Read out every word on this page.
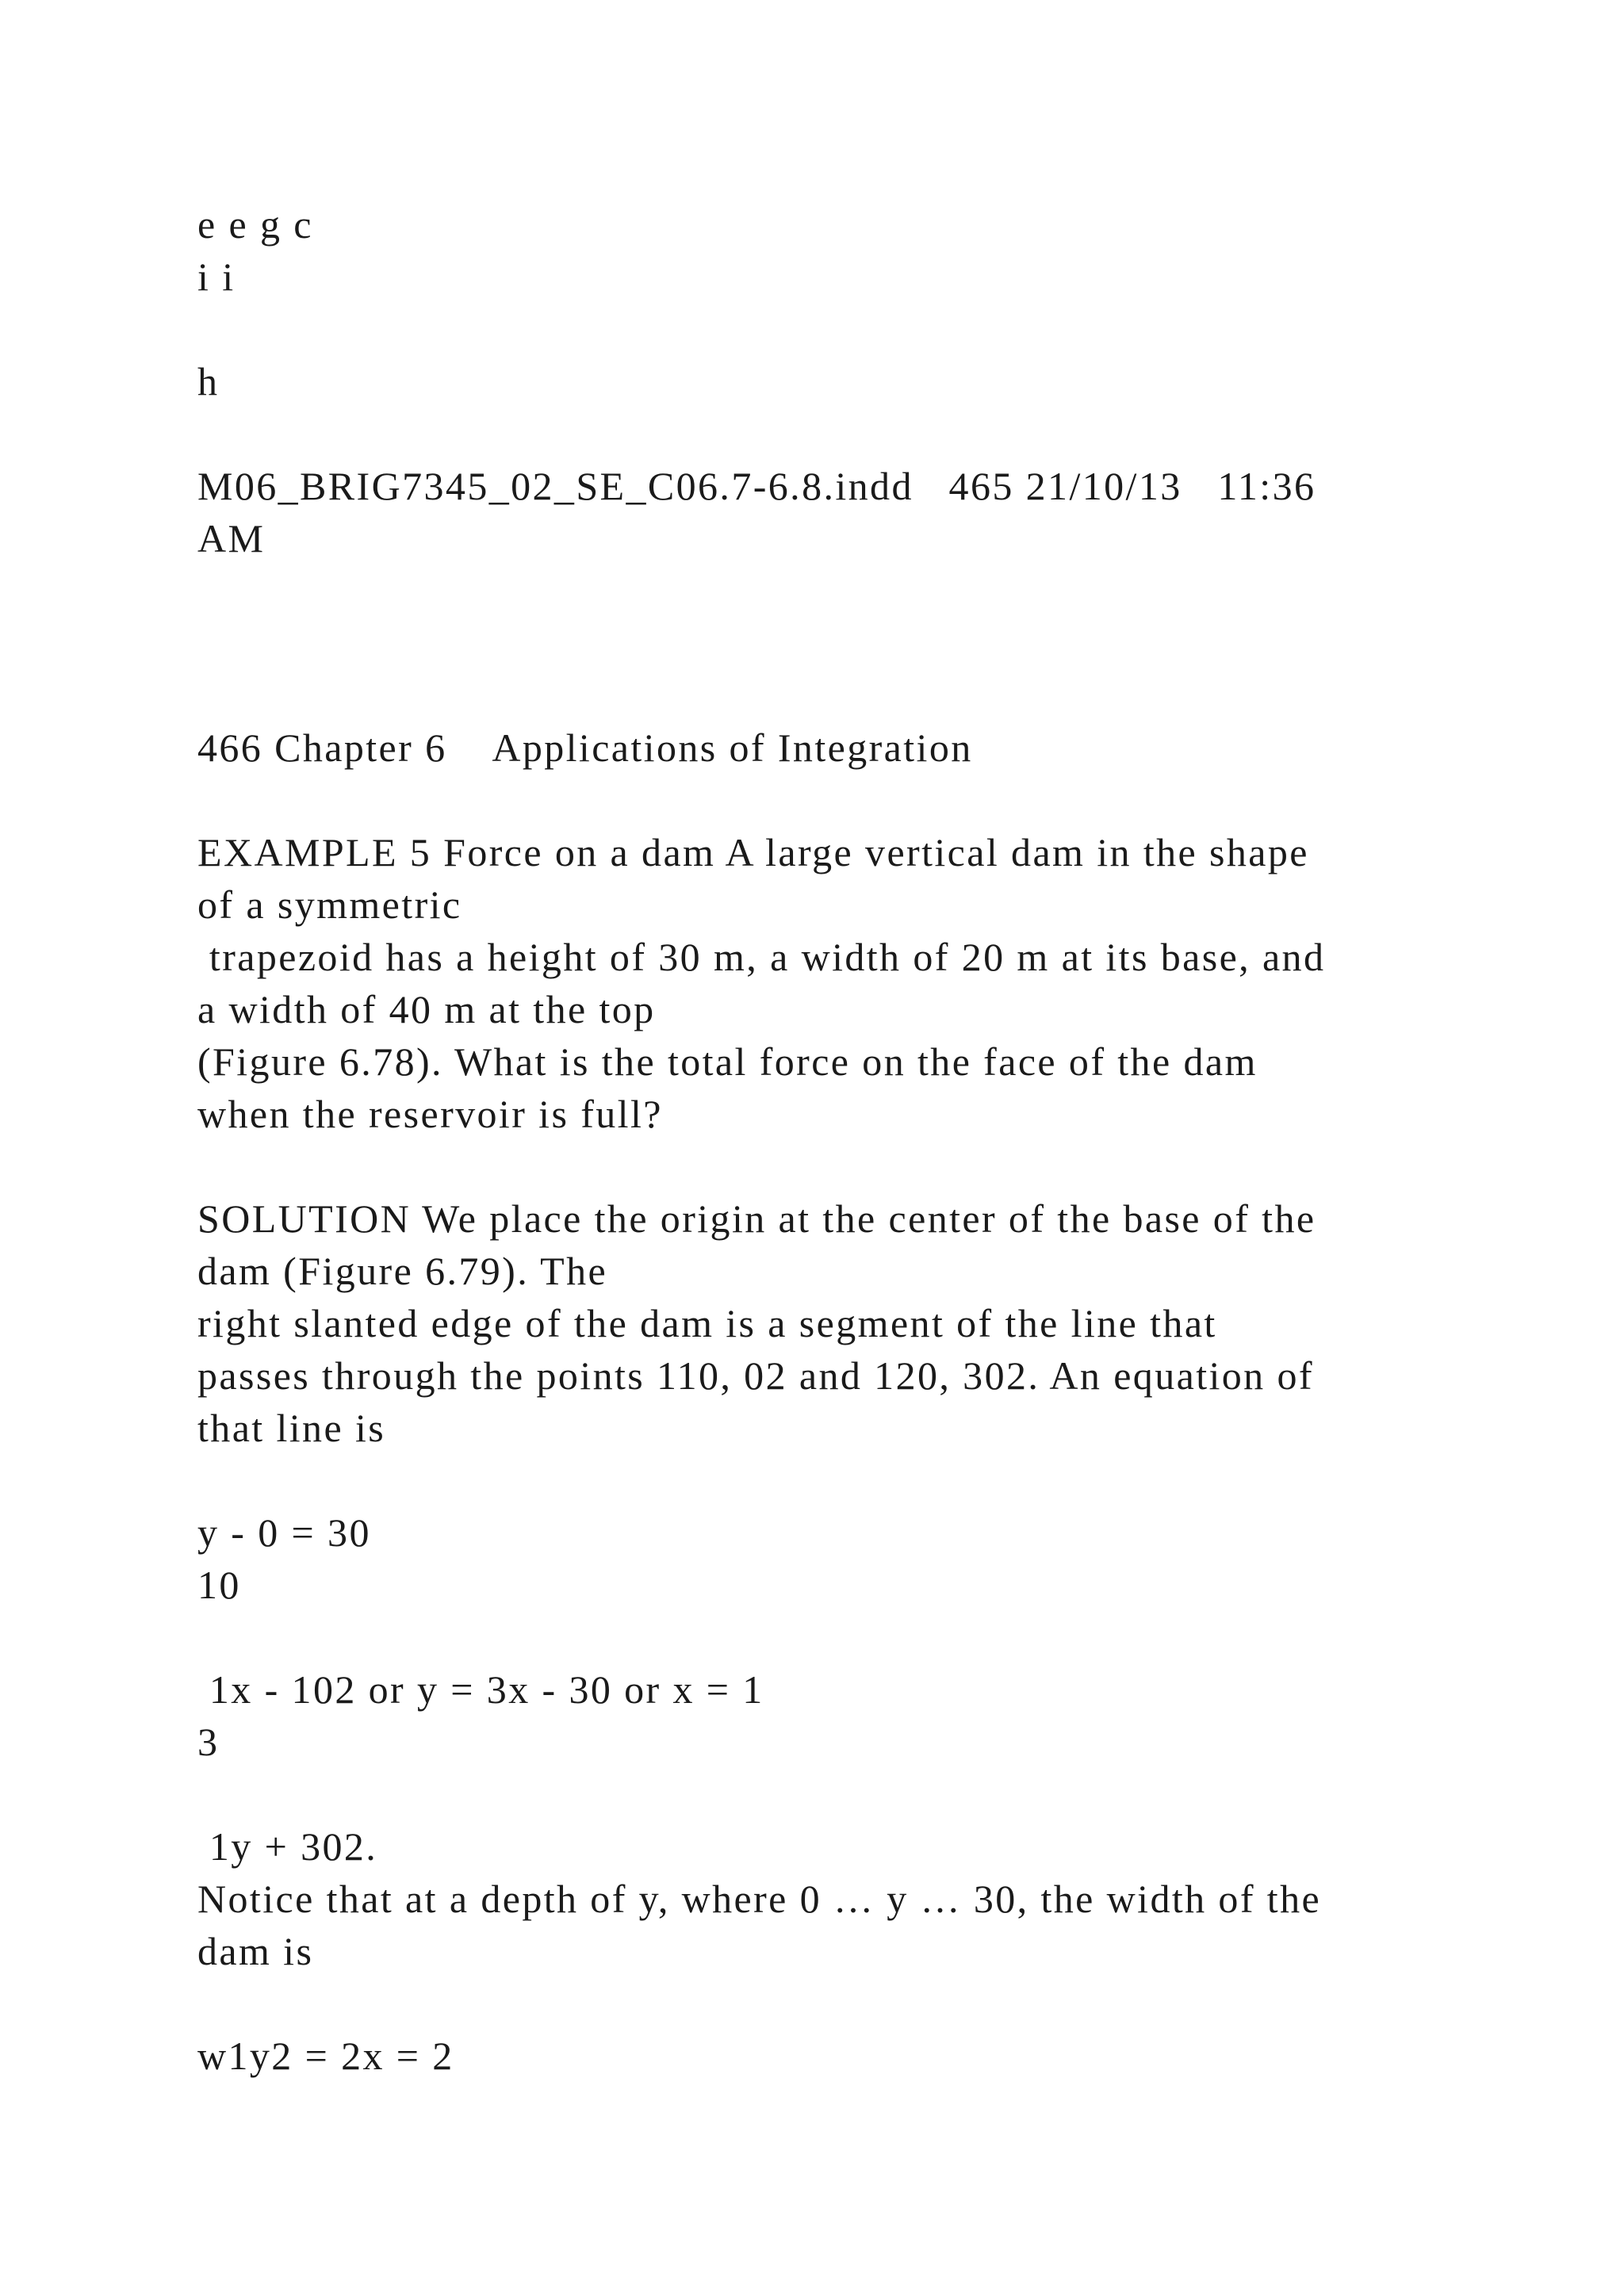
e e g c

i i

h

M06_BRIG7345_02_SE_C06.7-6.8.indd   465 21/10/13   11:36

AM

466 Chapter 6    Applications of Integration

EXAMPLE 5 Force on a dam A large vertical dam in the shape

of a symmetric

trapezoid has a height of 30 m, a width of 20 m at its base, and

a width of 40 m at the top

(Figure 6.78). What is the total force on the face of the dam

when the reservoir is full?

SOLUTION We place the origin at the center of the base of the

dam (Figure 6.79). The

right slanted edge of the dam is a segment of the line that

passes through the points 110, 02 and 120, 302. An equation of

that line is

y - 0 = 30

10

1x - 102 or y = 3x - 30 or x = 1

3

1y + 302.

Notice that at a depth of y, where 0 … y … 30, the width of the

dam is

w1y2 = 2x = 2
